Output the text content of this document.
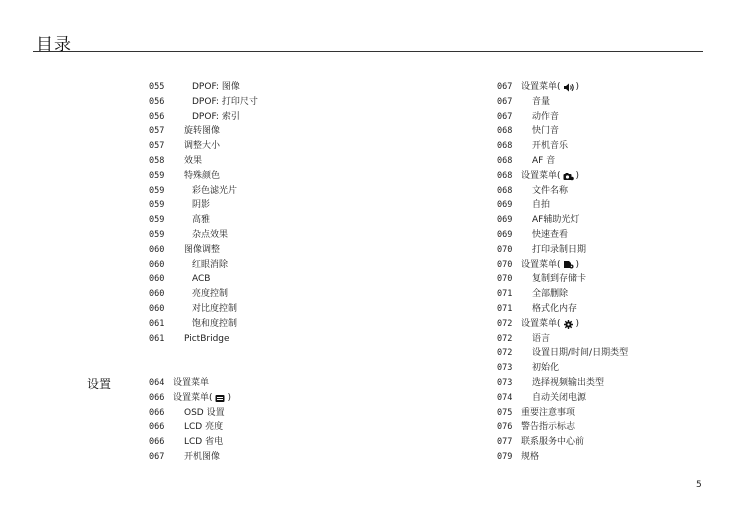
目录
055	DPOF: 图像
056	DPOF: 打印尺寸
056	DPOF: 索引
057	旋转图像
057	调整大小
058	效果
059	特殊颜色
059	彩色滤光片
059	阴影
059	高雅
059	杂点效果
060	图像调整
060	红眼消除
060	ACB
060	亮度控制
060	对比度控制
061	饱和度控制
061	PictBridge
设置	064 设置菜单
066 设置菜单( )
066	OSD 设置
066	LCD 亮度
066	LCD 省电
067	开机图像
067 设置菜单( )
067	音量
067	动作音
068	快门音
068	开机音乐
068	AF 音
068 设置菜单( )
068	文件名称
069	自拍
069	AF辅助光灯
069	快速查看
070	打印录制日期
070 设置菜单( )
070	复制到存储卡
071	全部删除
071	格式化内存
072 设置菜单( )
072	语言
072	设置日期/时间/日期类型
073	初始化
073	选择视频输出类型
074	自动关闭电源
075 重要注意事项
076 警告指示标志
077 联系服务中心前
079 规格
5
